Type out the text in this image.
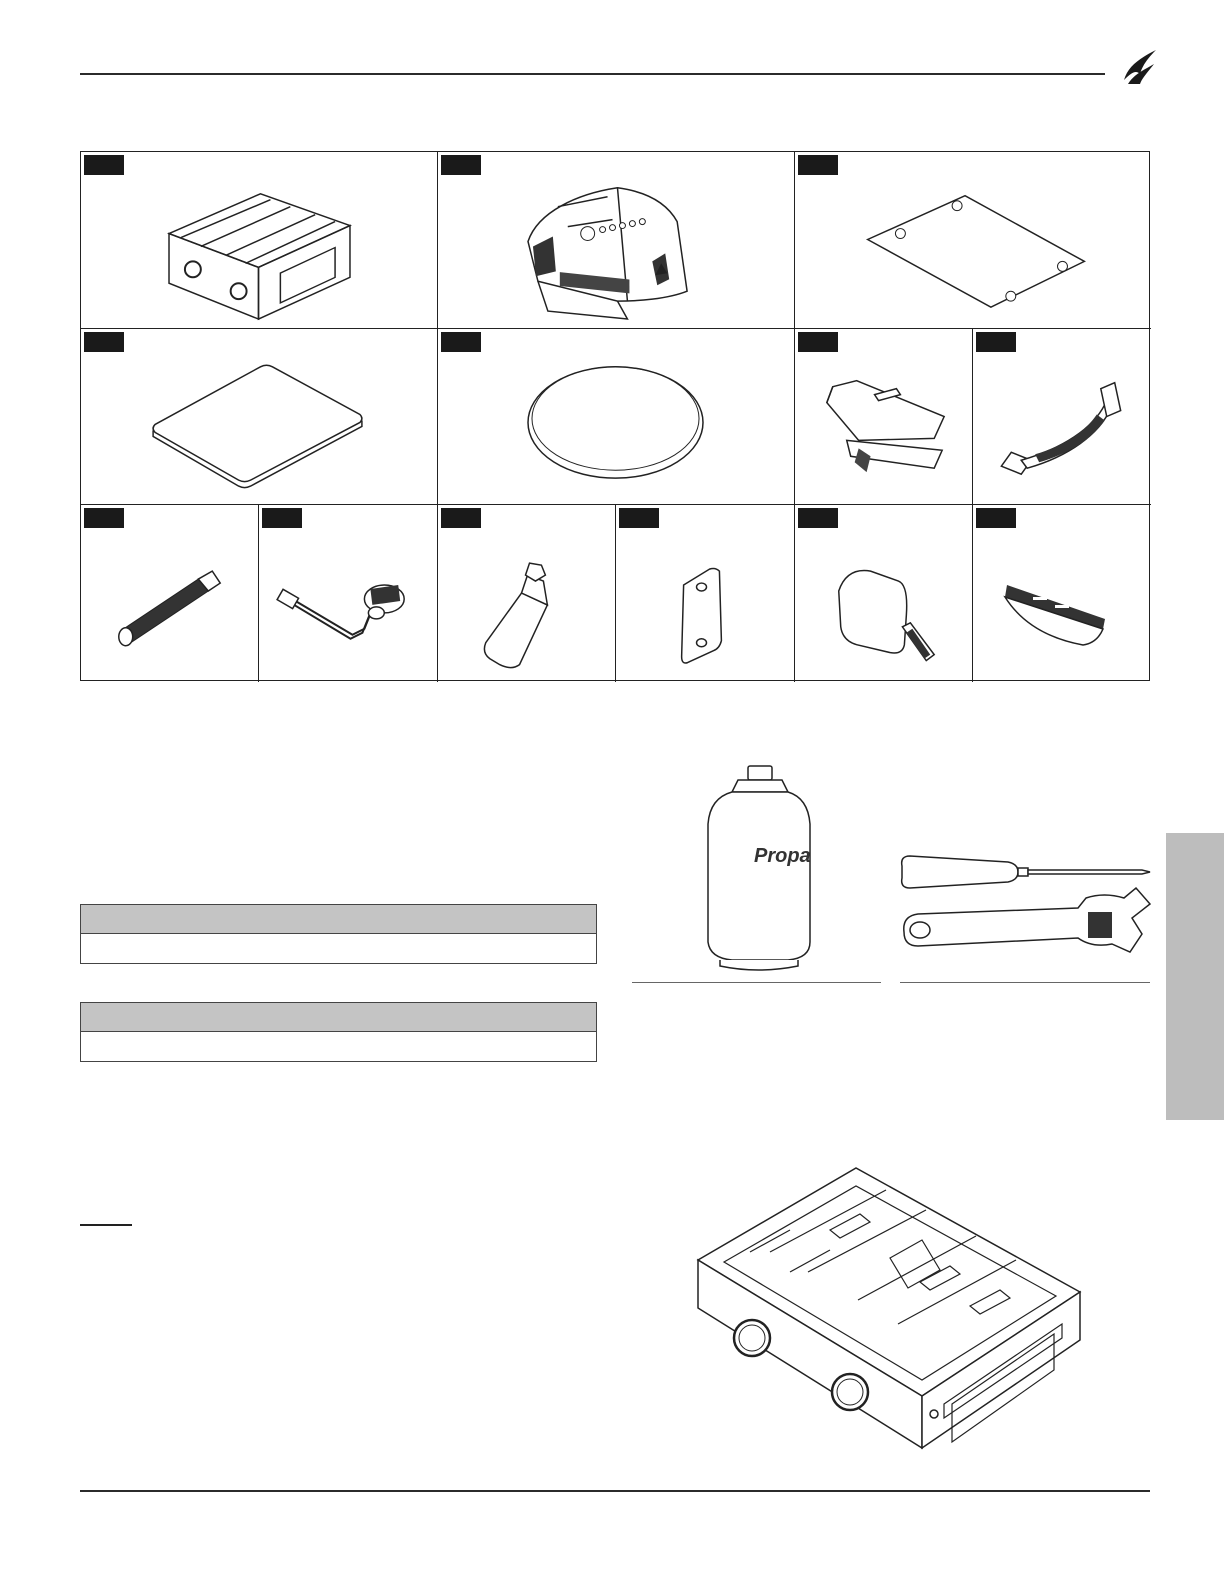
Propa
